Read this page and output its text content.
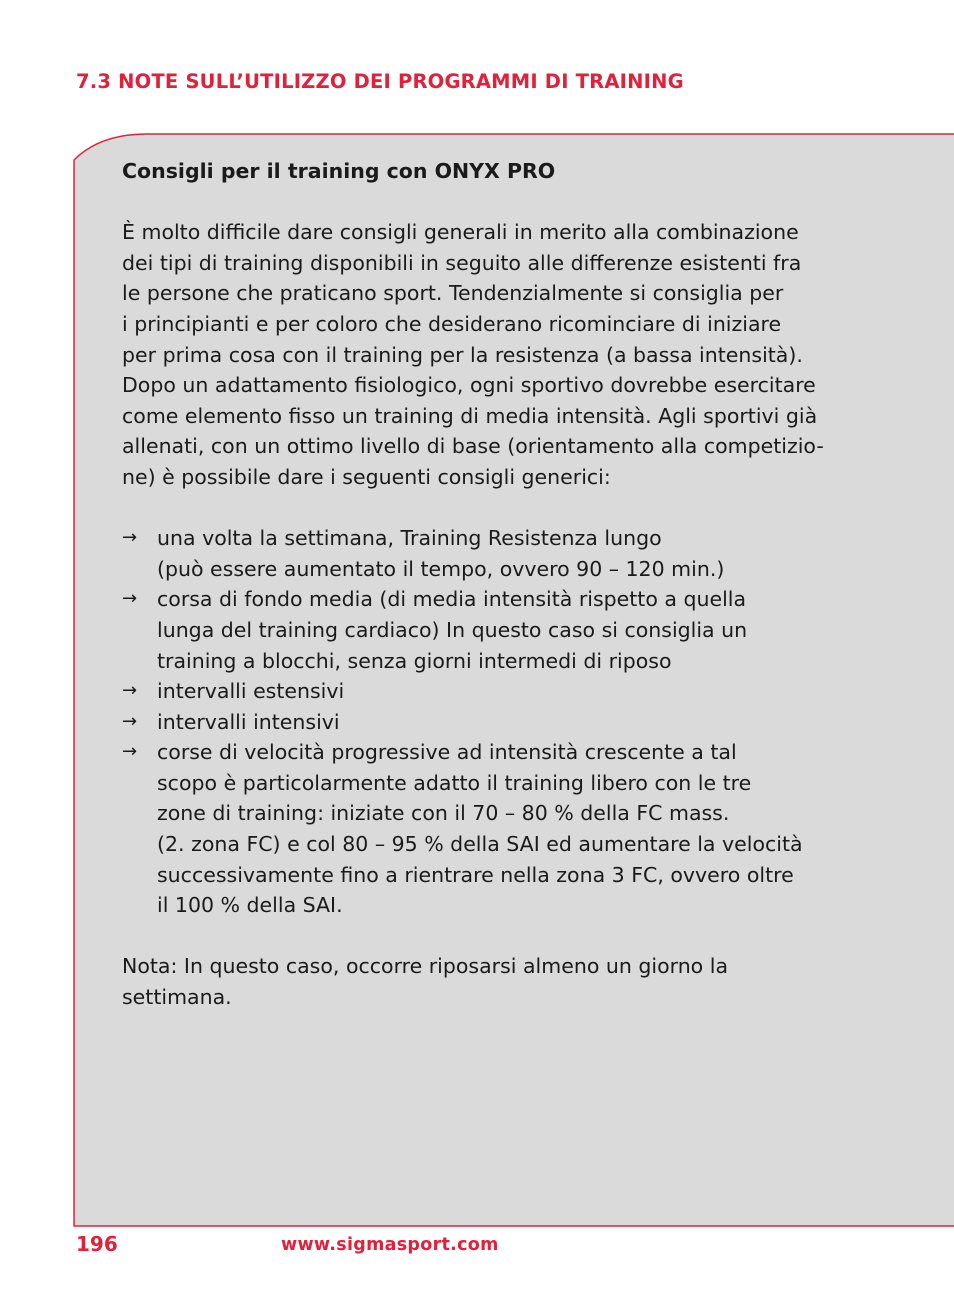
7.3 NOTE SULL’UTILIZZO DEI PROGRAMMI DI TRAINING

Consigli per il training con ONYX PRO

È molto difficile dare consigli generali in merito alla combinazione

dei tipi di training disponibili in seguito alle differenze esistenti fra

le persone che praticano sport. Tendenzialmente si consiglia per

i principianti e per coloro che desiderano ricominciare di iniziare

per prima cosa con il training per la resistenza (a bassa intensità).

Dopo un adattamento fisiologico, ogni sportivo dovrebbe esercitare

come elemento fisso un training di media intensità. Agli sportivi già

allenati, con un ottimo livello di base (orientamento alla competizio-

ne) è possibile dare i seguenti consigli generici:

→ una volta la settimana, Training Resistenza lungo
(può essere aumentato il tempo, ovvero 90 – 120 min.)
→ corsa di fondo media (di media intensità rispetto a quella
lunga del training cardiaco) In questo caso si consiglia un
training a blocchi, senza giorni intermedi di riposo
→ intervalli estensivi
→ intervalli intensivi
→ corse di velocità progressive ad intensità crescente a tal
scopo è particolarmente adatto il training libero con le tre
zone di training: iniziate con il 70 – 80 % della FC mass.
(2. zona FC) e col 80 – 95 % della SAI ed aumentare la velocità
successivamente fino a rientrare nella zona 3 FC, ovvero oltre
il 100 % della SAI.

Nota: In questo caso, occorre riposarsi almeno un giorno la

settimana.

196	www.sigmasport.com
